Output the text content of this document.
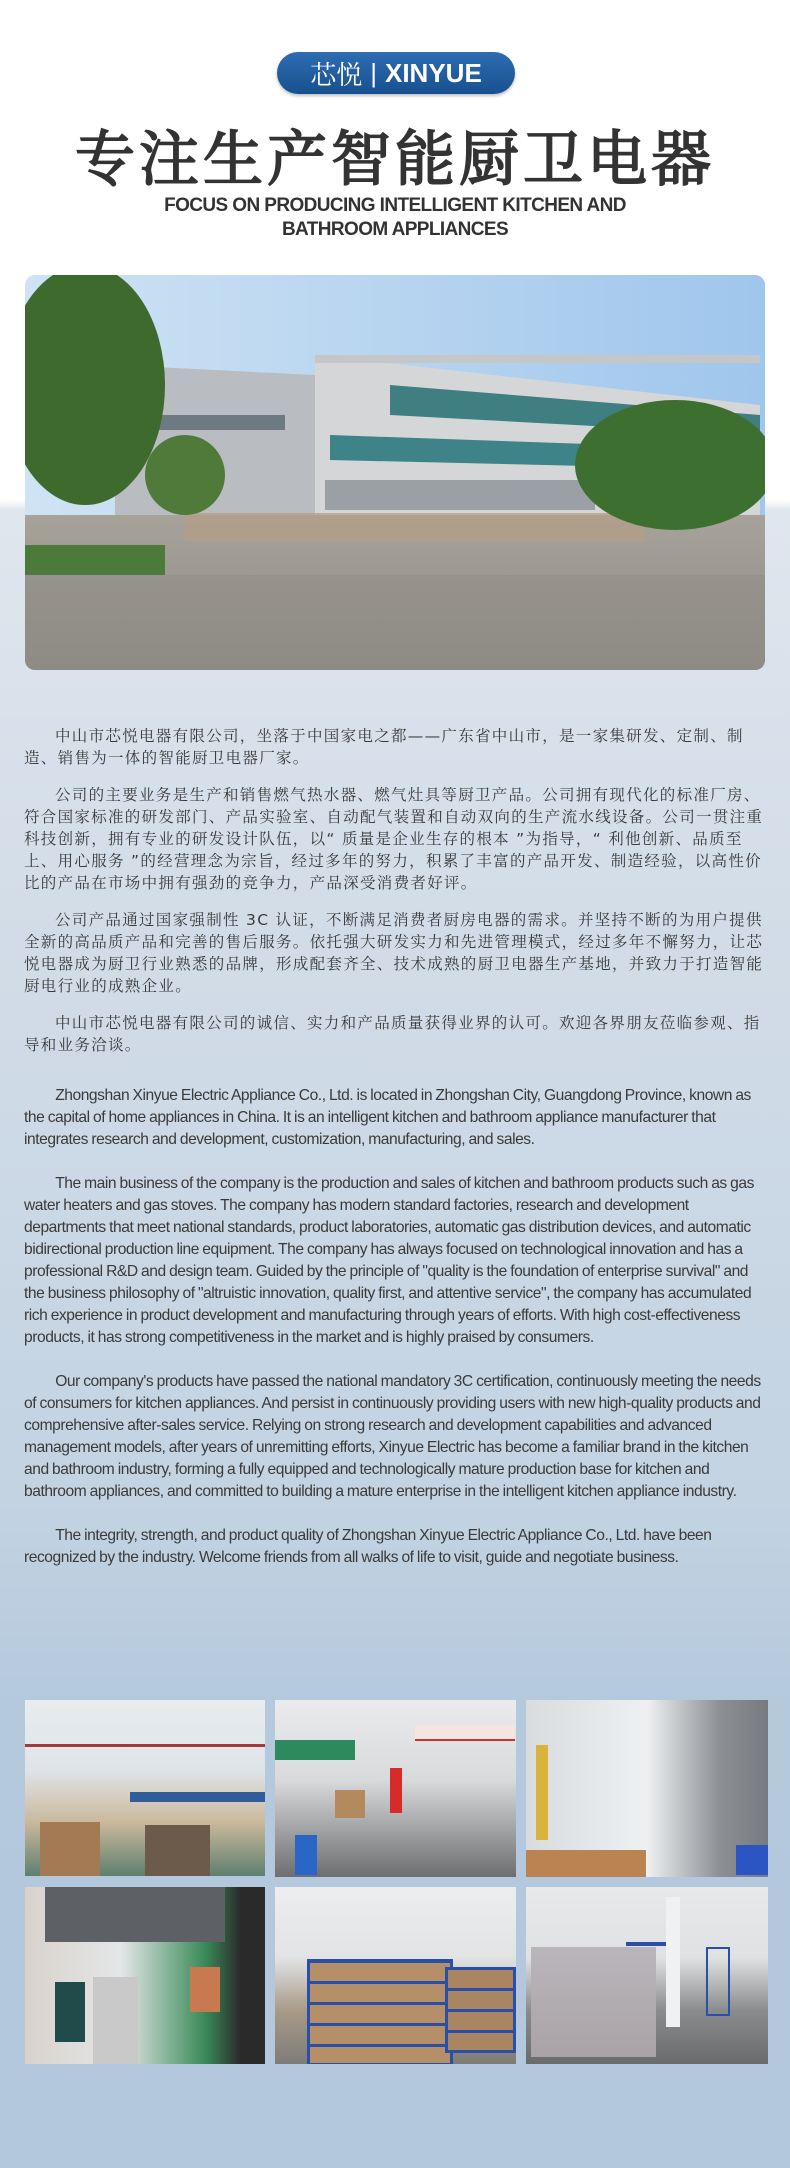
芯悦 | XINYUE
专注生产智能厨卫电器
FOCUS ON PRODUCING INTELLIGENT KITCHEN AND
BATHROOM APPLIANCES

中山市芯悦电器有限公司，坐落于中国家电之都——广东省中山市，是一家集研发、定制、制造、销售为一体的智能厨卫电器厂家。

公司的主要业务是生产和销售燃气热水器、燃气灶具等厨卫产品。公司拥有现代化的标准厂房、符合国家标准的研发部门、产品实验室、自动配气装置和自动双向的生产流水线设备。公司一贯注重科技创新，拥有专业的研发设计队伍，以“ 质量是企业生存的根本 ”为指导，“ 利他创新、品质至上、用心服务 ”的经营理念为宗旨，经过多年的努力，积累了丰富的产品开发、制造经验，以高性价比的产品在市场中拥有强劲的竞争力，产品深受消费者好评。

公司产品通过国家强制性 3C 认证，不断满足消费者厨房电器的需求。并坚持不断的为用户提供全新的高品质产品和完善的售后服务。依托强大研发实力和先进管理模式，经过多年不懈努力，让芯悦电器成为厨卫行业熟悉的品牌，形成配套齐全、技术成熟的厨卫电器生产基地，并致力于打造智能厨电行业的成熟企业。

中山市芯悦电器有限公司的诚信、实力和产品质量获得业界的认可。欢迎各界朋友莅临参观、指导和业务洽谈。

Zhongshan Xinyue Electric Appliance Co., Ltd. is located in Zhongshan City, Guangdong Province, known as the capital of home appliances in China. It is an intelligent kitchen and bathroom appliance manufacturer that integrates research and development, customization, manufacturing, and sales.

The main business of the company is the production and sales of kitchen and bathroom products such as gas water heaters and gas stoves. The company has modern standard factories, research and development departments that meet national standards, product laboratories, automatic gas distribution devices, and automatic bidirectional production line equipment. The company has always focused on technological innovation and has a professional R&D and design team. Guided by the principle of "quality is the foundation of enterprise survival" and the business philosophy of "altruistic innovation, quality first, and attentive service", the company has accumulated rich experience in product development and manufacturing through years of efforts. With high cost-effectiveness products, it has strong competitiveness in the market and is highly praised by consumers.

Our company's products have passed the national mandatory 3C certification, continuously meeting the needs of consumers for kitchen appliances. And persist in continuously providing users with new high-quality products and comprehensive after-sales service. Relying on strong research and development capabilities and advanced management models, after years of unremitting efforts, Xinyue Electric has become a familiar brand in the kitchen and bathroom industry, forming a fully equipped and technologically mature production base for kitchen and bathroom appliances, and committed to building a mature enterprise in the intelligent kitchen appliance industry.

The integrity, strength, and product quality of Zhongshan Xinyue Electric Appliance Co., Ltd. have been recognized by the industry. Welcome friends from all walks of life to visit, guide and negotiate business.
